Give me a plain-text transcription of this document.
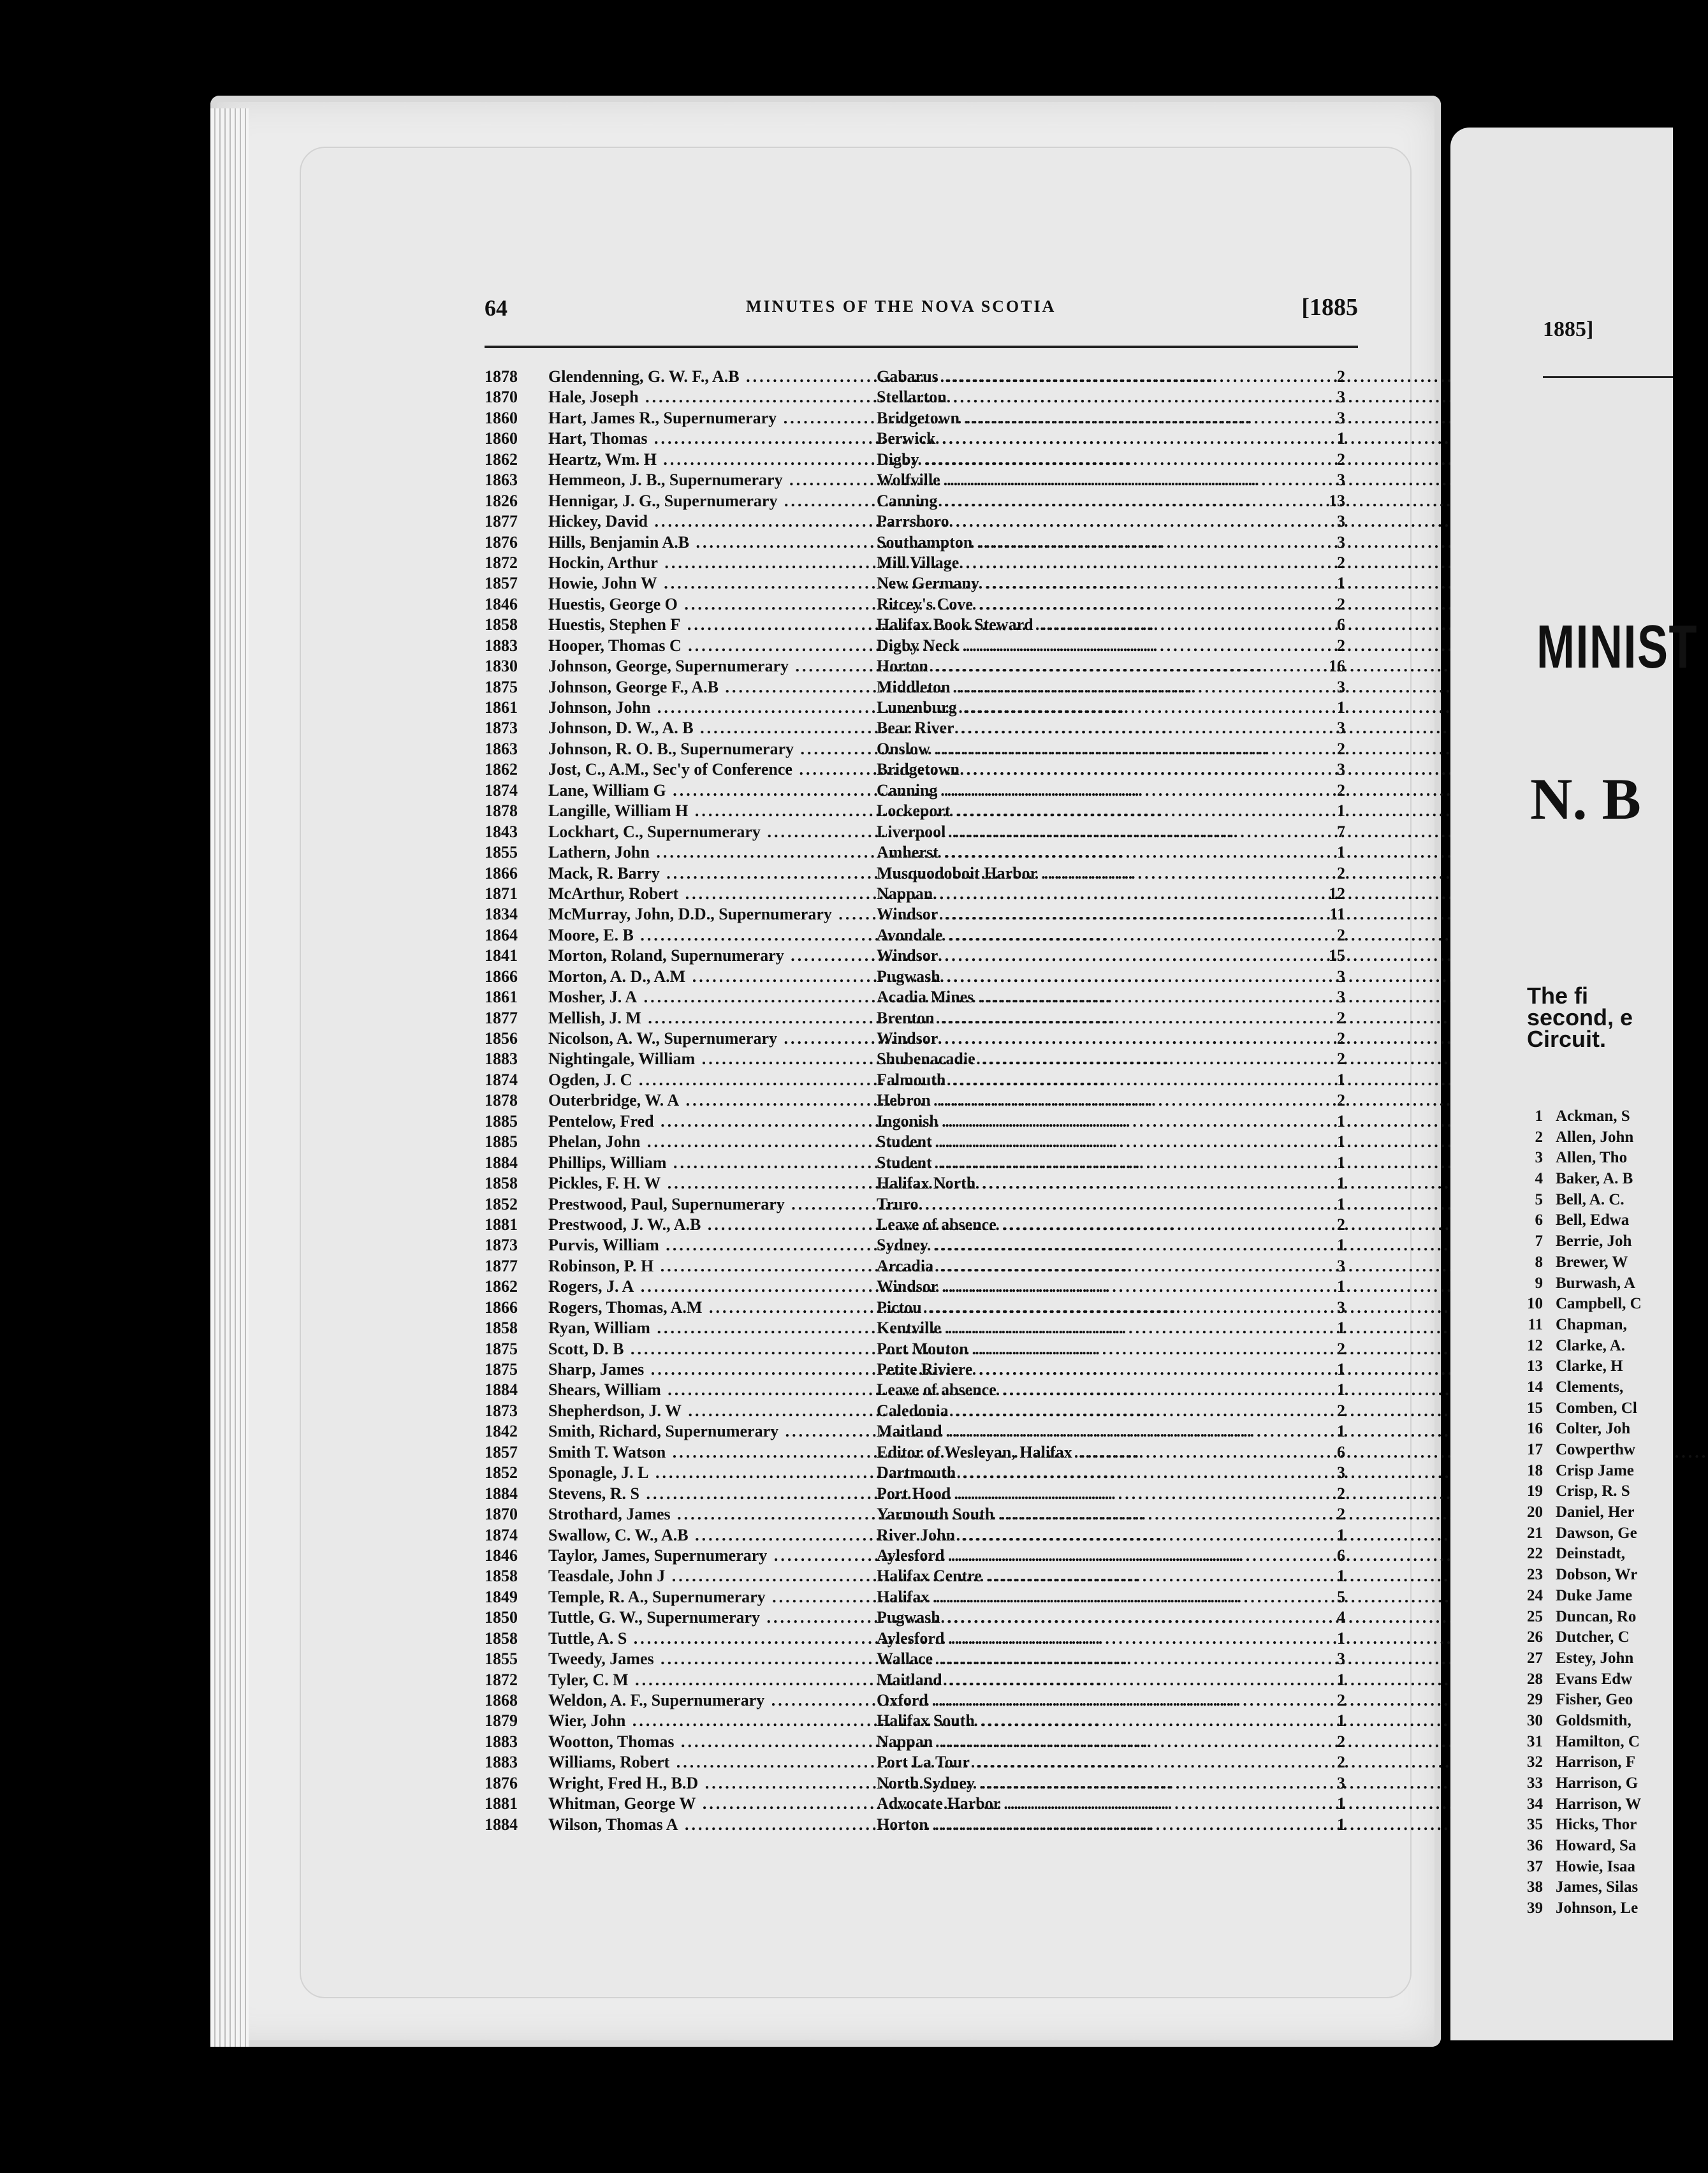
64	MINUTES OF THE NOVA SCOTIA	[1885
1878	Glendenning, G. W. F., A.B .....	Gabarus .....	2
1870	Hale, Joseph .....	Stellarton .....	3
1860	Hart, James R., Supernumerary .....	Bridgetown .....	3
1860	Hart, Thomas .....	Berwick .....	1
1862	Heartz, Wm. H .....	Digby .....	2
1863	Hemmeon, J. B., Supernumerary .....	Wolfville .....	3
1826	Hennigar, J. G., Supernumerary .....	Canning .....	13
1877	Hickey, David .....	Parrsboro .....	3
1876	Hills, Benjamin A.B .....	Southampton .....	3
1872	Hockin, Arthur .....	Mill Village .....	2
1857	Howie, John W .....	New Germany .....	1
1846	Huestis, George O .....	Ritcey's Cove .....	2
1858	Huestis, Stephen F .....	Halifax Book Steward .....	6
1883	Hooper, Thomas C .....	Digby Neck .....	2
1830	Johnson, George, Supernumerary .....	Horton .....	16
1875	Johnson, George F., A.B .....	Middleton .....	3
1861	Johnson, John .....	Lunenburg .....	1
1873	Johnson, D. W., A. B .....	Bear River .....	3
1863	Johnson, R. O. B., Supernumerary .....	Onslow .....	2
1862	Jost, C., A.M., Sec'y of Conference .....	Bridgetown .....	3
1874	Lane, William G .....	Canning .....	2
1878	Langille, William H .....	Lockeport .....	1
1843	Lockhart, C., Supernumerary .....	Liverpool .....	7
1855	Lathern, John .....	Amherst .....	1
1866	Mack, R. Barry .....	Musquodoboit Harbor .....	2
1871	McArthur, Robert .....	Nappan .....	12
1834	McMurray, John, D.D., Supernumerary .....	Windsor .....	11
1864	Moore, E. B .....	Avondale .....	2
1841	Morton, Roland, Supernumerary .....	Windsor .....	15
1866	Morton, A. D., A.M .....	Pugwash .....	3
1861	Mosher, J. A .....	Acadia Mines .....	3
1877	Mellish, J. M .....	Brenton .....	2
1856	Nicolson, A. W., Supernumerary .....	Windsor .....	2
1883	Nightingale, William .....	Shubenacadie .....	2
1874	Ogden, J. C .....	Falmouth .....	1
1878	Outerbridge, W. A .....	Hebron .....	2
1885	Pentelow, Fred .....	Ingonish .....	1
1885	Phelan, John .....	Student .....	1
1884	Phillips, William .....	Student .....	1
1858	Pickles, F. H. W .....	Halifax North .....	1
1852	Prestwood, Paul, Supernumerary .....	Truro .....	1
1881	Prestwood, J. W., A.B .....	Leave of absence .....	2
1873	Purvis, William .....	Sydney .....	1
1877	Robinson, P. H .....	Arcadia .....	3
1862	Rogers, J. A .....	Windsor .....	1
1866	Rogers, Thomas, A.M .....	Pictou .....	3
1858	Ryan, William .....	Kentville .....	1
1875	Scott, D. B .....	Port Mouton .....	2
1875	Sharp, James .....	Petite Riviere .....	1
1884	Shears, William .....	Leave of absence .....	1
1873	Shepherdson, J. W .....	Caledonia .....	2
1842	Smith, Richard, Supernumerary .....	Maitland .....	1
1857	Smith T. Watson .....	Editor of Wesleyan, Halifax .....	6
1852	Sponagle, J. L .....	Dartmouth .....	3
1884	Stevens, R. S .....	Port Hood .....	2
1870	Strothard, James .....	Yarmouth South .....	2
1874	Swallow, C. W., A.B .....	River John .....	1
1846	Taylor, James, Supernumerary .....	Aylesford .....	6
1858	Teasdale, John J .....	Halifax Centre .....	1
1849	Temple, R. A., Supernumerary .....	Halifax .....	5
1850	Tuttle, G. W., Supernumerary .....	Pugwash .....	4
1858	Tuttle, A. S .....	Aylesford .....	1
1855	Tweedy, James .....	Wallace .....	3
1872	Tyler, C. M .....	Maitland .....	1
1868	Weldon, A. F., Supernumerary .....	Oxford .....	2
1879	Wier, John .....	Halifax South .....	1
1883	Wootton, Thomas .....	Nappan .....	2
1883	Williams, Robert .....	Port La Tour .....	2
1876	Wright, Fred H., B.D .....	North Sydney .....	3
1881	Whitman, George W .....	Advocate Harbor .....	1
1884	Wilson, Thomas A .....	Horton .....	1
1885]
MINIST
N. B
The fi
second, e
Circuit.
1 Ackman, S
2 Allen, John
3 Allen, Tho
4 Baker, A. B
5 Bell, A. C.
6 Bell, Edwa
7 Berrie, Joh
8 Brewer, W
9 Burwash, A
10 Campbell, C
11 Chapman,
12 Clarke, A.
13 Clarke, H
14 Clements,
15 Comben, Cl
16 Colter, Joh
17 Cowperthw
18 Crisp Jame
19 Crisp, R. S
20 Daniel, Her
21 Dawson, Ge
22 Deinstadt,
23 Dobson, Wr
24 Duke Jame
25 Duncan, Ro
26 Dutcher, C
27 Estey, John
28 Evans Edw
29 Fisher, Geo
30 Goldsmith,
31 Hamilton, C
32 Harrison, F
33 Harrison, G
34 Harrison, W
35 Hicks, Thor
36 Howard, Sa
37 Howie, Isaa
38 James, Silas
39 Johnson, Le
